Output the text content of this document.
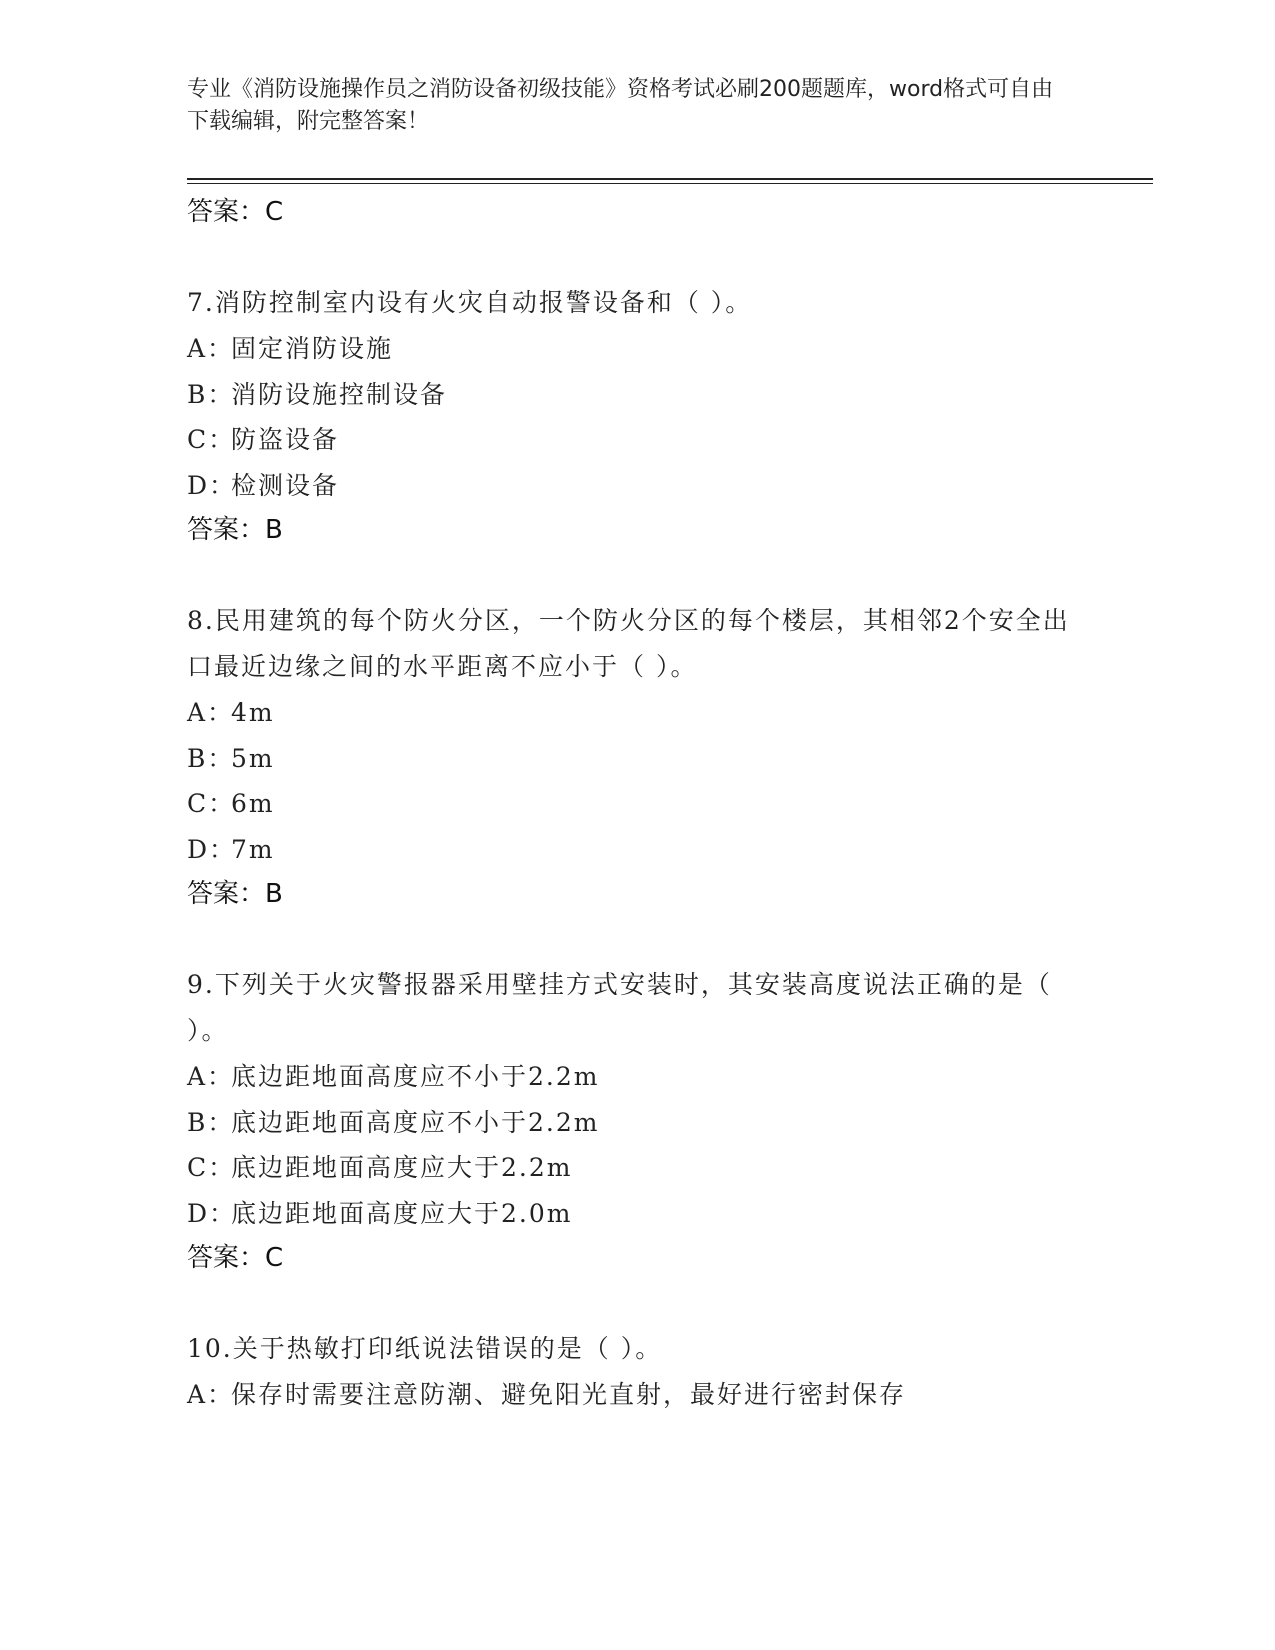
专业《消防设施操作员之消防设备初级技能》资格考试必刷200题题库，word格式可自由下载编辑，附完整答案！
答案：C
7.消防控制室内设有火灾自动报警设备和（ ）。
A：固定消防设施
B：消防设施控制设备
C：防盗设备
D：检测设备
答案：B
8.民用建筑的每个防火分区，一个防火分区的每个楼层，其相邻2个安全出口最近边缘之间的水平距离不应小于（ ）。
A：4m
B：5m
C：6m
D：7m
答案：B
9.下列关于火灾警报器采用壁挂方式安装时，其安装高度说法正确的是（ ）。
A：底边距地面高度应不小于2.2m
B：底边距地面高度应不小于2.2m
C：底边距地面高度应大于2.2m
D：底边距地面高度应大于2.0m
答案：C
10.关于热敏打印纸说法错误的是（ ）。
A：保存时需要注意防潮、避免阳光直射，最好进行密封保存
